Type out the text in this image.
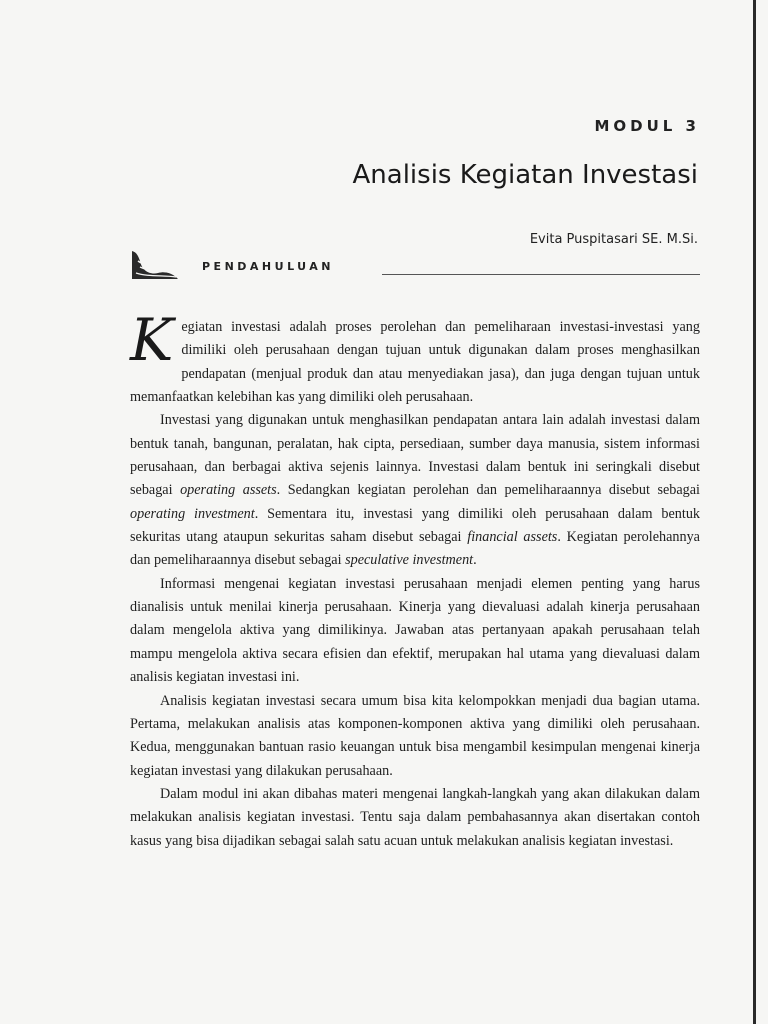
MODUL 3
Analisis Kegiatan Investasi
Evita Puspitasari SE. M.Si.
PENDAHULUAN

Kegiatan investasi adalah proses perolehan dan pemeliharaan investasi-investasi yang dimiliki oleh perusahaan dengan tujuan untuk digunakan dalam proses menghasilkan pendapatan (menjual produk dan atau menyediakan jasa), dan juga dengan tujuan untuk memanfaatkan kelebihan kas yang dimiliki oleh perusahaan.

Investasi yang digunakan untuk menghasilkan pendapatan antara lain adalah investasi dalam bentuk tanah, bangunan, peralatan, hak cipta, persediaan, sumber daya manusia, sistem informasi perusahaan, dan berbagai aktiva sejenis lainnya. Investasi dalam bentuk ini seringkali disebut sebagai operating assets. Sedangkan kegiatan perolehan dan pemeliharaannya disebut sebagai operating investment. Sementara itu, investasi yang dimiliki oleh perusahaan dalam bentuk sekuritas utang ataupun sekuritas saham disebut sebagai financial assets. Kegiatan perolehannya dan pemeliharaannya disebut sebagai speculative investment.

Informasi mengenai kegiatan investasi perusahaan menjadi elemen penting yang harus dianalisis untuk menilai kinerja perusahaan. Kinerja yang dievaluasi adalah kinerja perusahaan dalam mengelola aktiva yang dimilikinya. Jawaban atas pertanyaan apakah perusahaan telah mampu mengelola aktiva secara efisien dan efektif, merupakan hal utama yang dievaluasi dalam analisis kegiatan investasi ini.

Analisis kegiatan investasi secara umum bisa kita kelompokkan menjadi dua bagian utama. Pertama, melakukan analisis atas komponen-komponen aktiva yang dimiliki oleh perusahaan. Kedua, menggunakan bantuan rasio keuangan untuk bisa mengambil kesimpulan mengenai kinerja kegiatan investasi yang dilakukan perusahaan.

Dalam modul ini akan dibahas materi mengenai langkah-langkah yang akan dilakukan dalam melakukan analisis kegiatan investasi. Tentu saja dalam pembahasannya akan disertakan contoh kasus yang bisa dijadikan sebagai salah satu acuan untuk melakukan analisis kegiatan investasi.
